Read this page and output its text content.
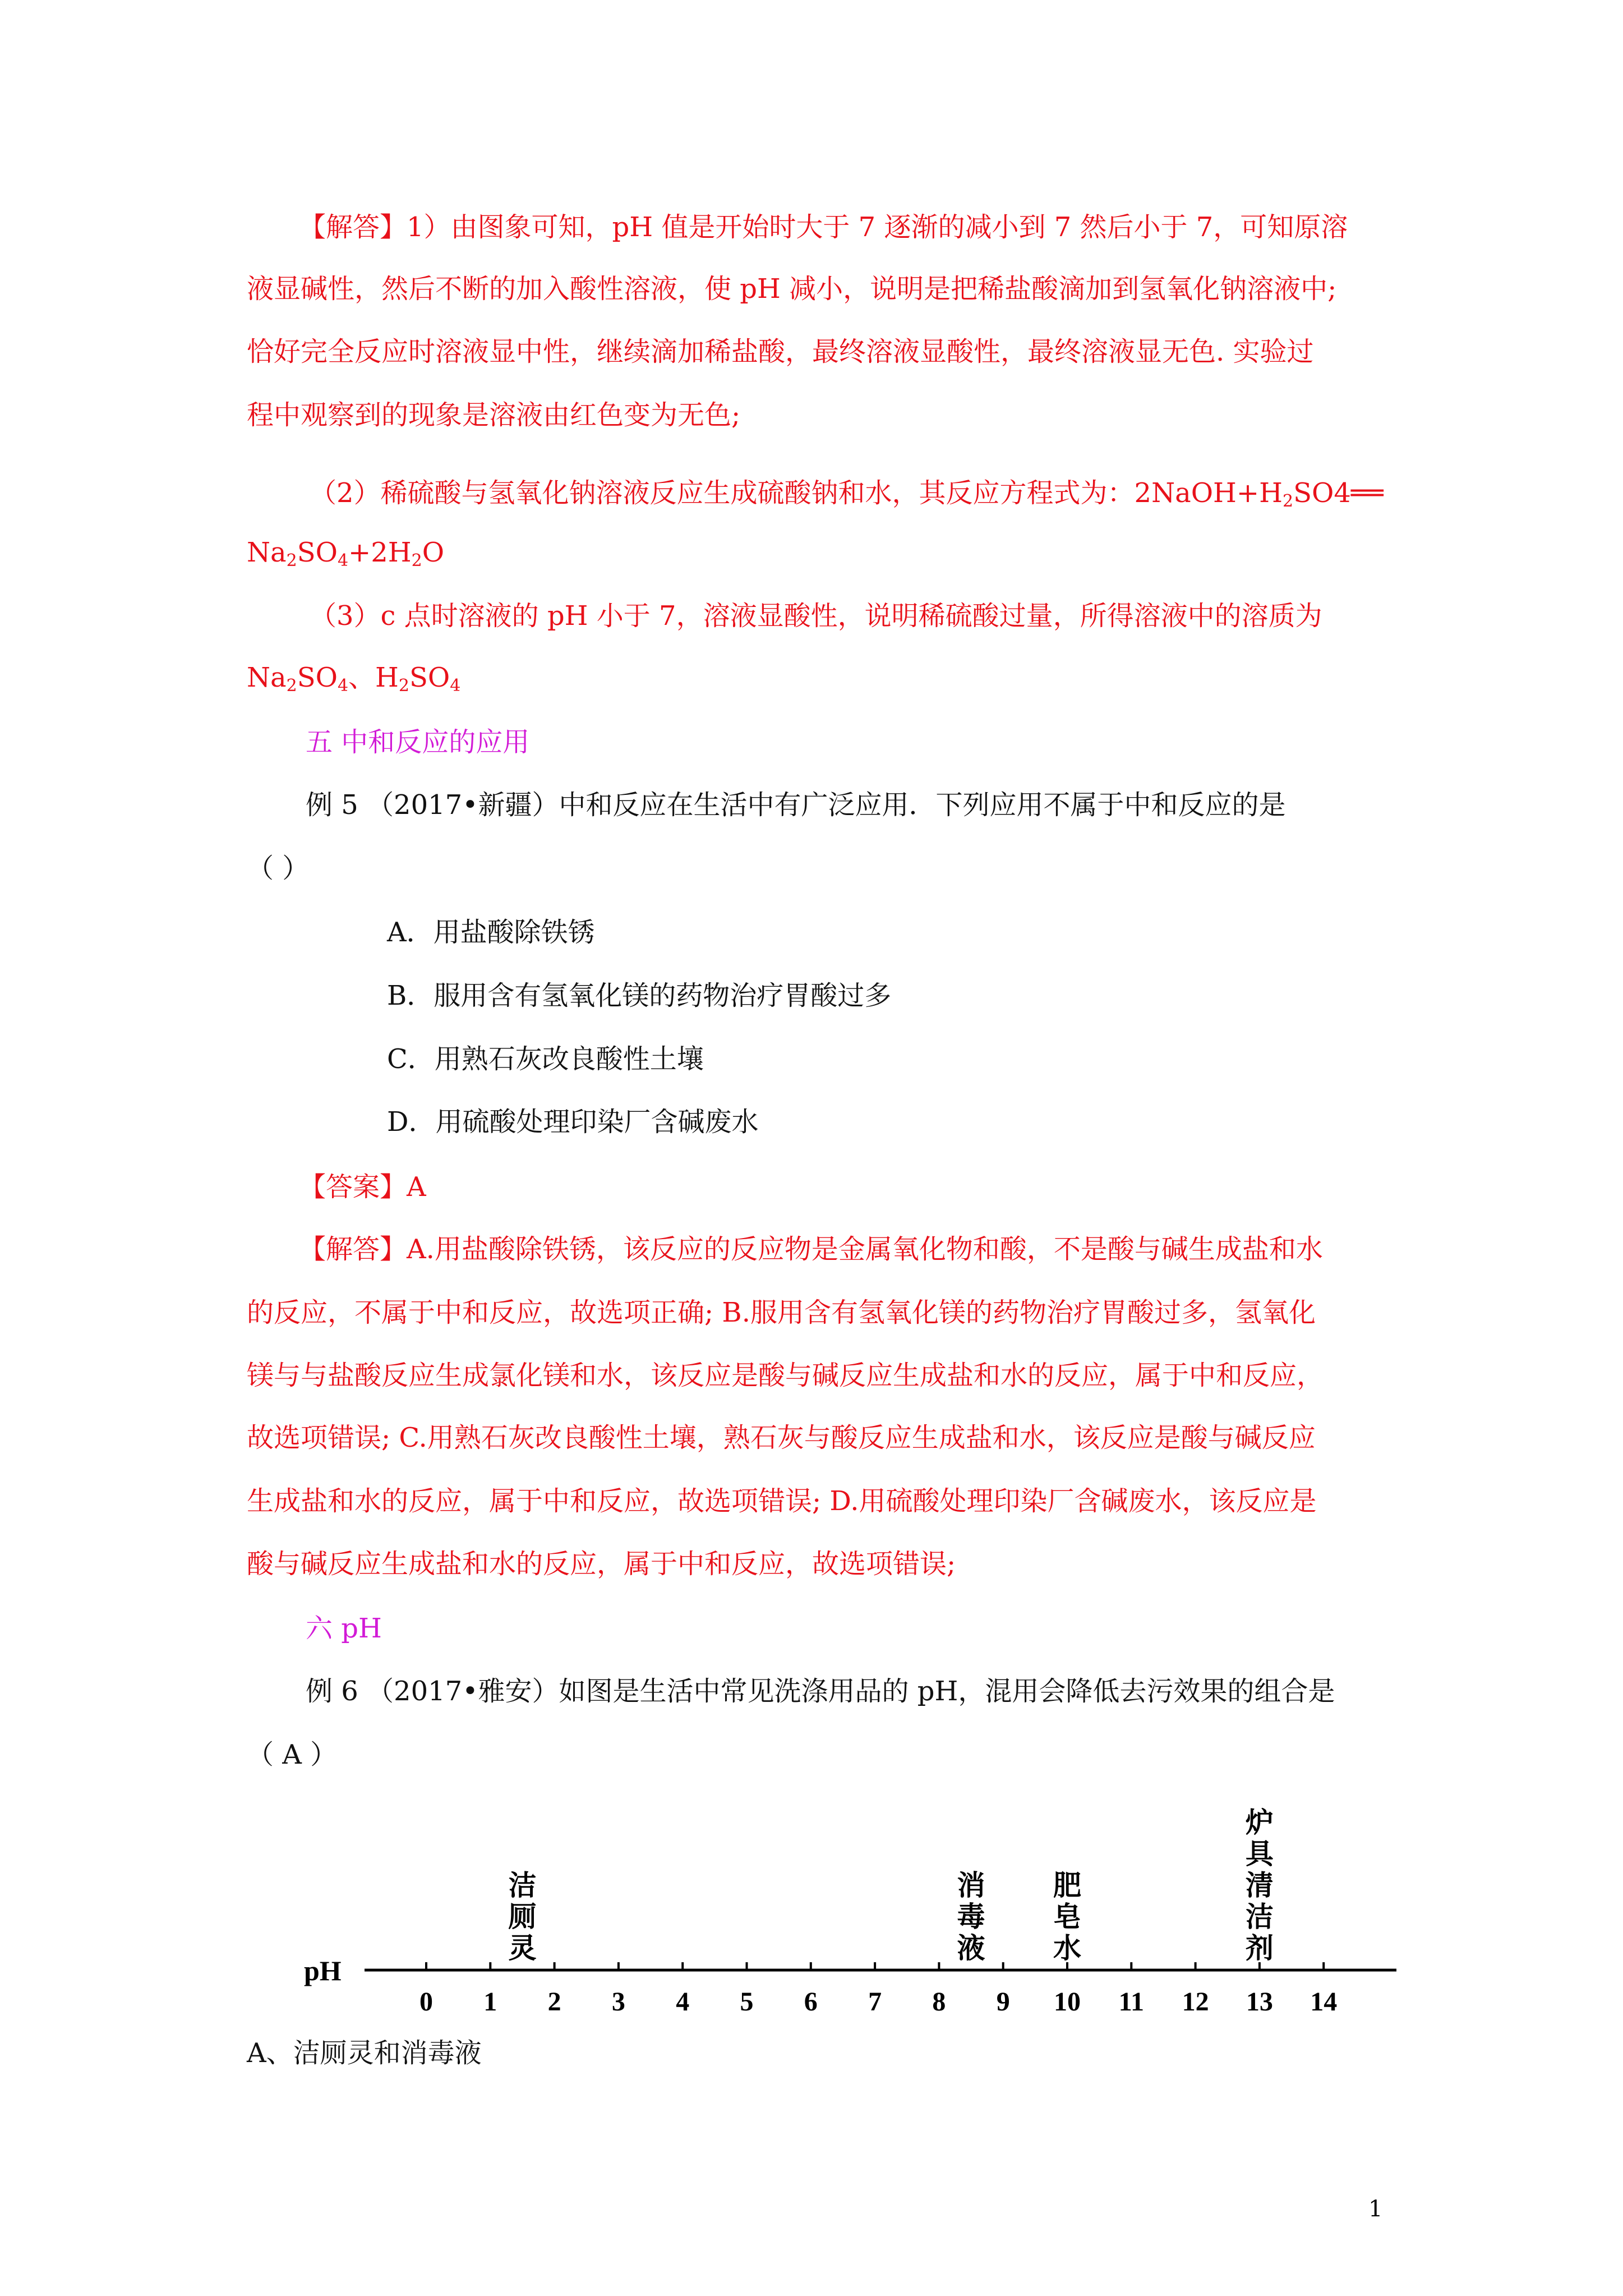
【解答】1）由图象可知，pH 值是开始时大于 7 逐渐的减小到 7 然后小于 7，可知原溶
液显碱性，然后不断的加入酸性溶液，使 pH 减小，说明是把稀盐酸滴加到氢氧化钠溶液中;
恰好完全反应时溶液显中性，继续滴加稀盐酸，最终溶液显酸性，最终溶液显无色. 实验过
程中观察到的现象是溶液由红色变为无色;
（2）稀硫酸与氢氧化钠溶液反应生成硫酸钠和水，其反应方程式为：$2NaOH+H_2SO4══$
$Na_2SO_4+2H_2O$
（3）c 点时溶液的 pH 小于 7，溶液显酸性，说明稀硫酸过量，所得溶液中的溶质为
$Na_2SO_4$、$H_2SO_4$
五 中和反应的应用
例 5 （2017•新疆）中和反应在生活中有广泛应用．下列应用不属于中和反应的是
（ ）
A．用盐酸除铁锈
B．服用含有氢氧化镁的药物治疗胃酸过多
C．用熟石灰改良酸性土壤
D．用硫酸处理印染厂含碱废水
【答案】A
【解答】A.用盐酸除铁锈，该反应的反应物是金属氧化物和酸，不是酸与碱生成盐和水
的反应，不属于中和反应，故选项正确; B.服用含有氢氧化镁的药物治疗胃酸过多，氢氧化
镁与与盐酸反应生成氯化镁和水，该反应是酸与碱反应生成盐和水的反应，属于中和反应，
故选项错误; C.用熟石灰改良酸性土壤，熟石灰与酸反应生成盐和水，该反应是酸与碱反应
生成盐和水的反应，属于中和反应，故选项错误; D.用硫酸处理印染厂含碱废水，该反应是
酸与碱反应生成盐和水的反应，属于中和反应，故选项错误;
六 pH
例 6 （2017•雅安）如图是生活中常见洗涤用品的 pH，混用会降低去污效果的组合是
（ A ）
pH
0 1 2 3 4 5 6 7 8 9 10 11 12 13 14
洁
厕
灵
消
毒
液
肥
皂
水
炉
具
清
洁
剂
A、洁厕灵和消毒液
1
